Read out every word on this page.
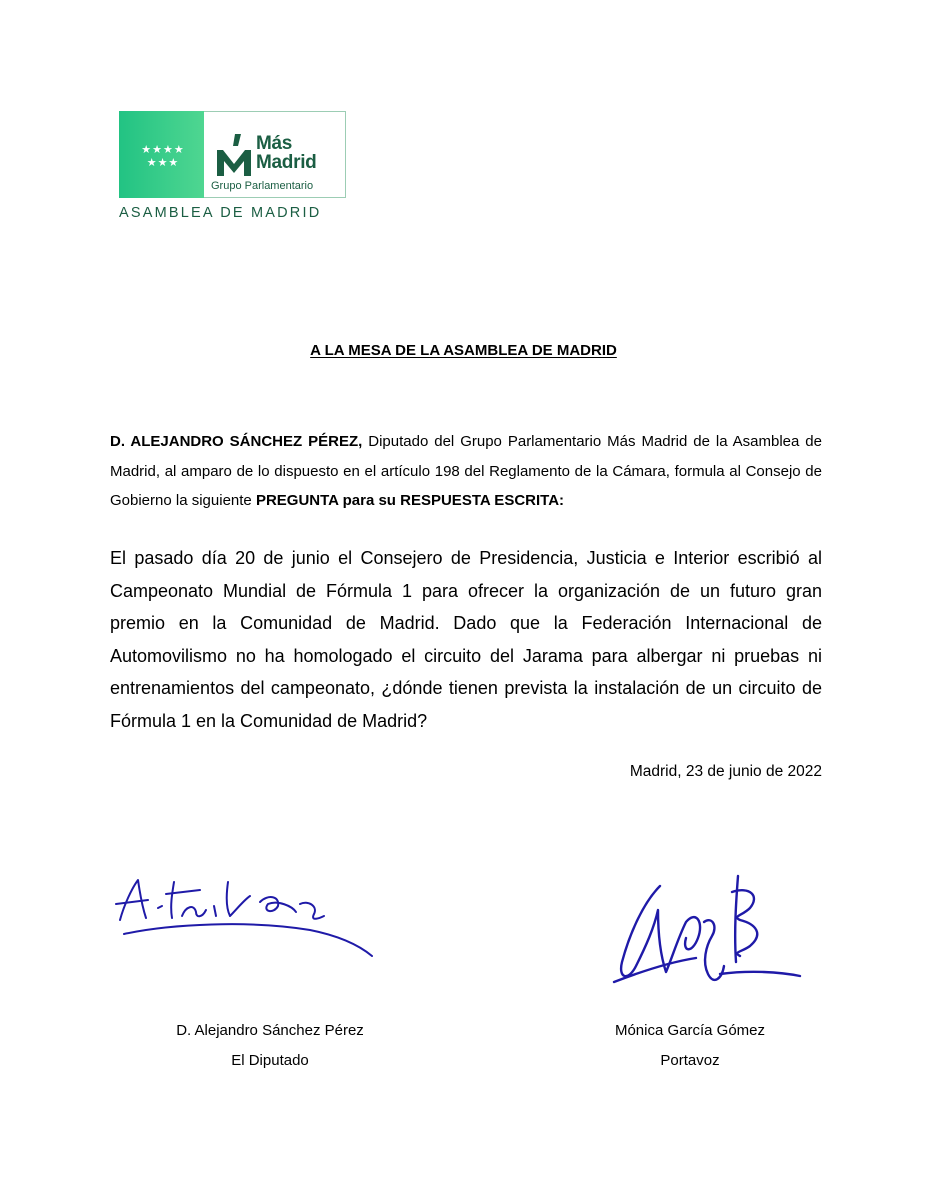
★★★★
★★★
Más
Madrid
Grupo Parlamentario
ASAMBLEA DE MADRID
A LA MESA DE LA ASAMBLEA DE MADRID
D. ALEJANDRO SÁNCHEZ PÉREZ, Diputado del Grupo Parlamentario Más Madrid de la Asamblea de Madrid, al amparo de lo dispuesto en el artículo 198 del Reglamento de la Cámara, formula al Consejo de Gobierno la siguiente PREGUNTA para su RESPUESTA ESCRITA:
El pasado día 20 de junio el Consejero de Presidencia, Justicia e Interior escribió al Campeonato Mundial de Fórmula 1 para ofrecer la organización de un futuro gran premio en la Comunidad de Madrid. Dado que la Federación Internacional de Automovilismo no ha homologado el circuito del Jarama para albergar ni pruebas ni entrenamientos del campeonato, ¿dónde tienen prevista la instalación de un circuito de Fórmula 1 en la Comunidad de Madrid?
Madrid, 23 de junio de 2022
D. Alejandro Sánchez Pérez
El Diputado
Mónica García Gómez
Portavoz
